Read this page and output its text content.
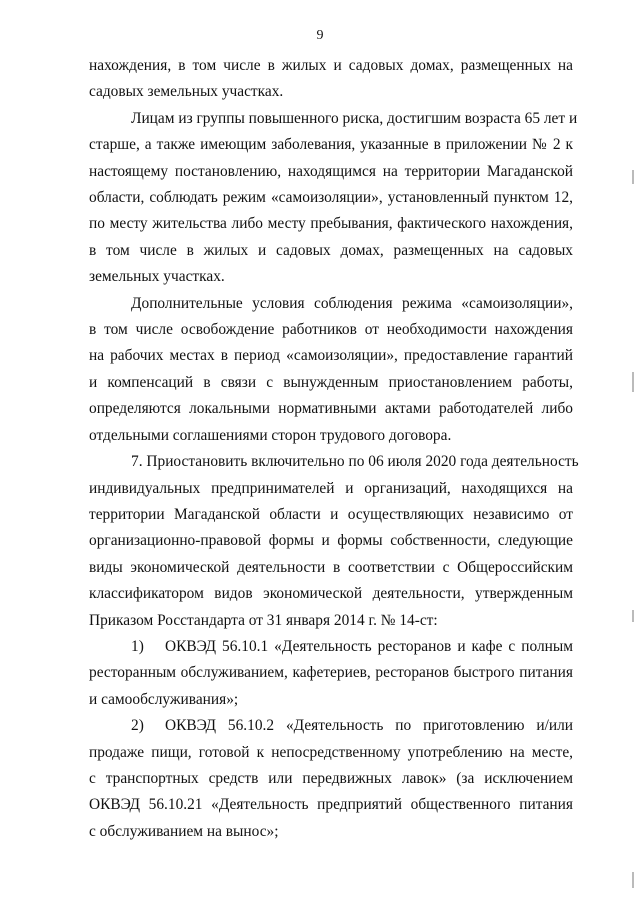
9
нахождения, в том числе в жилых и садовых домах, размещенных на
садовых земельных участках.
Лицам из группы повышенного риска, достигшим возраста 65 лет и
старше, а также имеющим заболевания, указанные в приложении № 2 к
настоящему постановлению, находящимся на территории Магаданской
области, соблюдать режим «самоизоляции», установленный пунктом 12,
по месту жительства либо месту пребывания, фактического нахождения,
в том числе в жилых и садовых домах, размещенных на садовых
земельных участках.
Дополнительные условия соблюдения режима «самоизоляции»,
в том числе освобождение работников от необходимости нахождения
на рабочих местах в период «самоизоляции», предоставление гарантий
и компенсаций в связи с вынужденным приостановлением работы,
определяются локальными нормативными актами работодателей либо
отдельными соглашениями сторон трудового договора.
7. Приостановить включительно по 06 июля 2020 года деятельность
индивидуальных предпринимателей и организаций, находящихся на
территории Магаданской области и осуществляющих независимо от
организационно-правовой формы и формы собственности, следующие
виды экономической деятельности в соответствии с Общероссийским
классификатором видов экономической деятельности, утвержденным
Приказом Росстандарта от 31 января 2014 г. № 14-ст:
1) ОКВЭД 56.10.1 «Деятельность ресторанов и кафе с полным
ресторанным обслуживанием, кафетериев, ресторанов быстрого питания
и самообслуживания»;
2) ОКВЭД 56.10.2 «Деятельность по приготовлению и/или
продаже пищи, готовой к непосредственному употреблению на месте,
с транспортных средств или передвижных лавок» (за исключением
ОКВЭД 56.10.21 «Деятельность предприятий общественного питания
с обслуживанием на вынос»;
